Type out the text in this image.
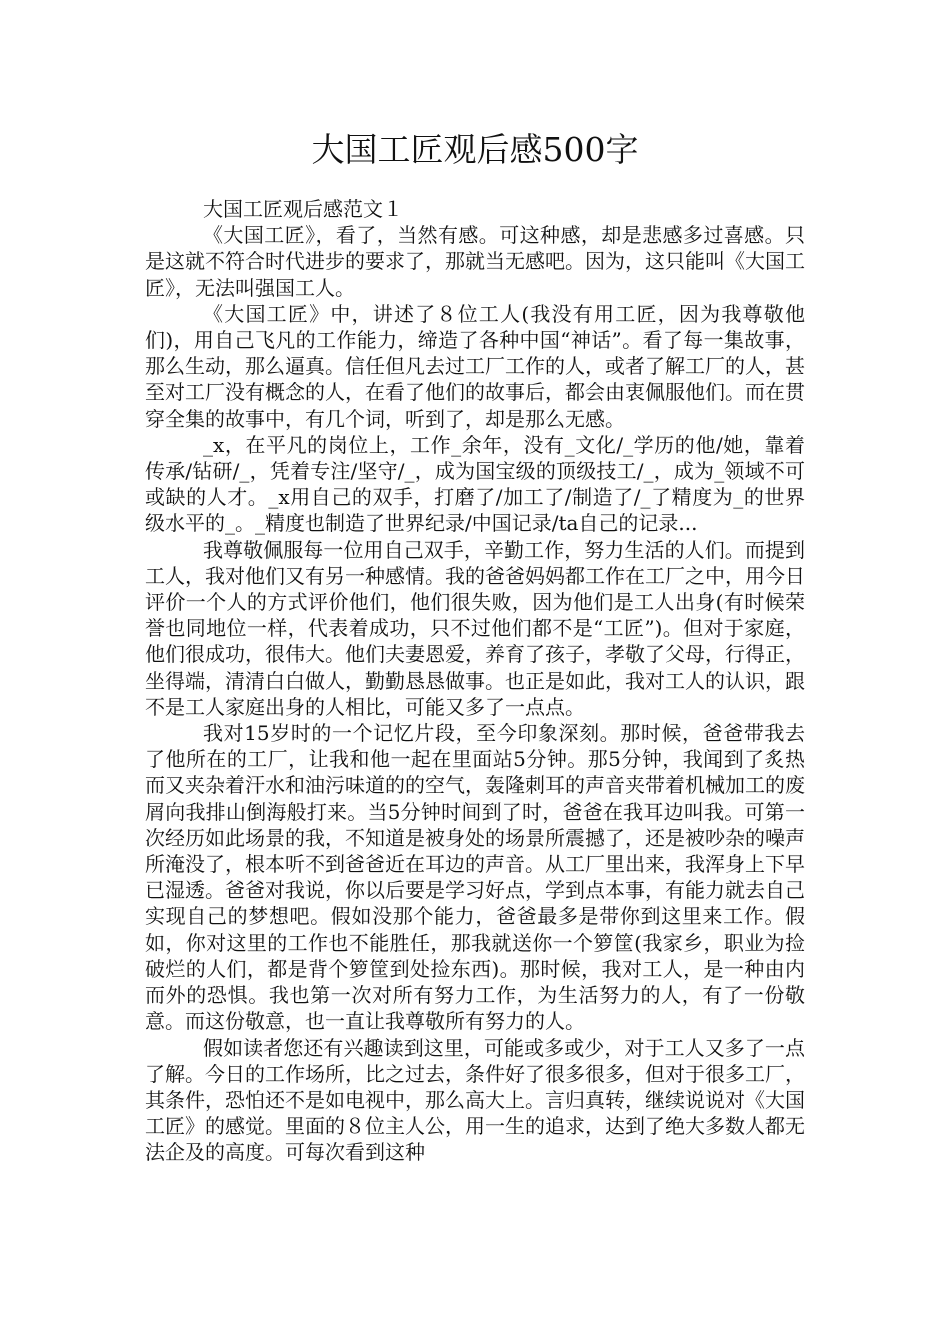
大国工匠观后感500字

大国工匠观后感范文１

《大国工匠》，看了，当然有感。可这种感，却是悲感多过喜感。只是这就不符合时代进步的要求了，那就当无感吧。因为，这只能叫《大国工匠》，无法叫强国工人。

《大国工匠》中，讲述了８位工人(我没有用工匠，因为我尊敬他们)，用自己飞凡的工作能力，缔造了各种中国“神话”。看了每一集故事，那么生动，那么逼真。信任但凡去过工厂工作的人，或者了解工厂的人，甚至对工厂没有概念的人，在看了他们的故事后，都会由衷佩服他们。而在贯穿全集的故事中，有几个词，听到了，却是那么无感。

_x，在平凡的岗位上，工作_余年，没有_文化/_学历的他/她，靠着传承/钻研/_，凭着专注/坚守/_，成为国宝级的顶级技工/_，成为_领域不可或缺的人才。_x用自己的双手，打磨了/加工了/制造了/_了精度为_的世界级水平的_。_精度也制造了世界纪录/中国记录/ta自己的记录...

我尊敬佩服每一位用自己双手，辛勤工作，努力生活的人们。而提到工人，我对他们又有另一种感情。我的爸爸妈妈都工作在工厂之中，用今日评价一个人的方式评价他们，他们很失败，因为他们是工人出身(有时候荣誉也同地位一样，代表着成功，只不过他们都不是“工匠”)。但对于家庭，他们很成功，很伟大。他们夫妻恩爱，养育了孩子，孝敬了父母，行得正，坐得端，清清白白做人，勤勤恳恳做事。也正是如此，我对工人的认识，跟不是工人家庭出身的人相比，可能又多了一点点。

我对15岁时的一个记忆片段，至今印象深刻。那时候，爸爸带我去了他所在的工厂，让我和他一起在里面站5分钟。那5分钟，我闻到了炙热而又夹杂着汗水和油污味道的的空气，轰隆刺耳的声音夹带着机械加工的废屑向我排山倒海般打来。当5分钟时间到了时，爸爸在我耳边叫我。可第一次经历如此场景的我，不知道是被身处的场景所震撼了，还是被吵杂的噪声所淹没了，根本听不到爸爸近在耳边的声音。从工厂里出来，我浑身上下早已湿透。爸爸对我说，你以后要是学习好点，学到点本事，有能力就去自己实现自己的梦想吧。假如没那个能力，爸爸最多是带你到这里来工作。假如，你对这里的工作也不能胜任，那我就送你一个箩筐(我家乡，职业为捡破烂的人们，都是背个箩筐到处捡东西)。那时候，我对工人，是一种由内而外的恐惧。我也第一次对所有努力工作，为生活努力的人，有了一份敬意。而这份敬意，也一直让我尊敬所有努力的人。

假如读者您还有兴趣读到这里，可能或多或少，对于工人又多了一点了解。今日的工作场所，比之过去，条件好了很多很多，但对于很多工厂，其条件，恐怕还不是如电视中，那么高大上。言归真转，继续说说对《大国工匠》的感觉。里面的８位主人公，用一生的追求，达到了绝大多数人都无法企及的高度。可每次看到这种
